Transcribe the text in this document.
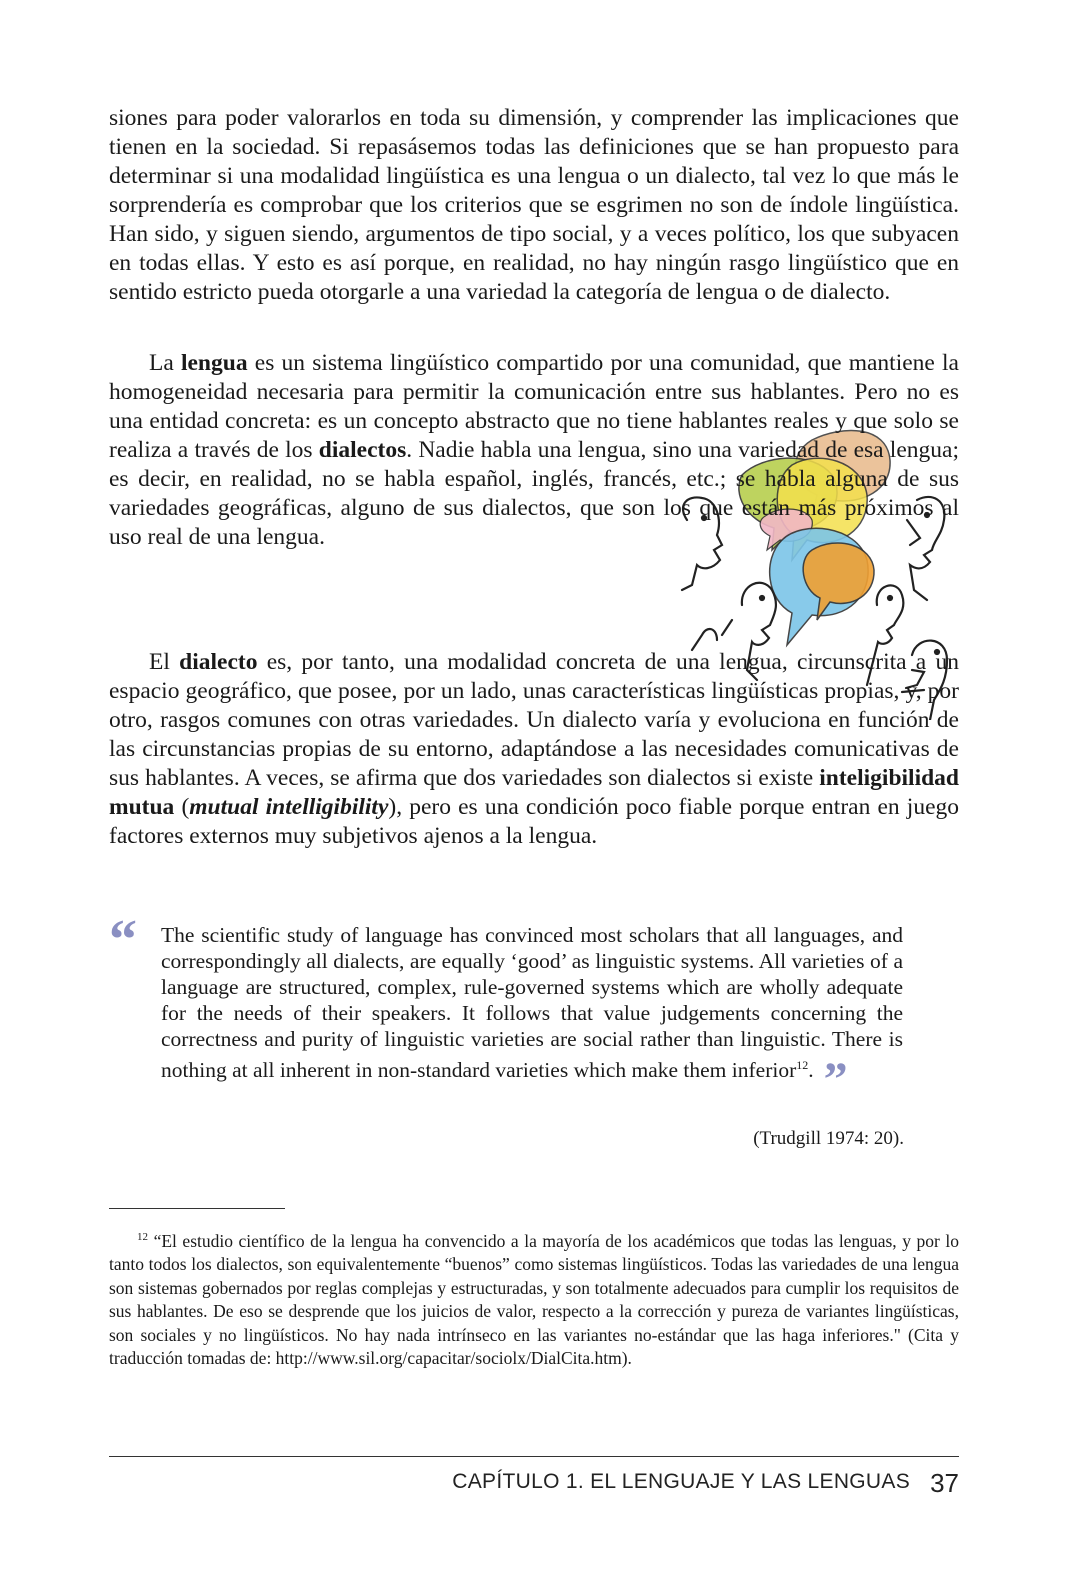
siones para poder valorarlos en toda su dimensión, y comprender las implicaciones que tienen en la sociedad. Si repasásemos todas las definiciones que se han propuesto para determinar si una modalidad lingüística es una lengua o un dialecto, tal vez lo que más le sorprendería es comprobar que los criterios que se esgrimen no son de índole lingüística. Han sido, y siguen siendo, argumentos de tipo social, y a veces político, los que subyacen en todas ellas. Y esto es así porque, en realidad, no hay ningún rasgo lingüístico que en sentido estricto pueda otorgarle a una variedad la categoría de lengua o de dialecto.

La lengua es un sistema lingüístico compartido por una comunidad, que mantiene la homogeneidad necesaria para permitir la comunicación entre sus hablantes. Pero no es una entidad concreta: es un concepto abstracto que no tiene hablantes reales y que solo se realiza a través de los dialectos. Nadie habla una lengua, sino una variedad de esa lengua; es decir, en realidad, no se habla español, inglés, francés, etc.; se habla alguna de sus variedades geográficas, alguno de sus dialectos, que son los que están más próximos al uso real de una lengua.

El dialecto es, por tanto, una modalidad concreta de una lengua, circunscrita a un espacio geográfico, que posee, por un lado, unas características lingüísticas propias, y, por otro, rasgos comunes con otras variedades. Un dialecto varía y evoluciona en función de las circunstancias propias de su entorno, adaptándose a las necesidades comunicativas de sus hablantes. A veces, se afirma que dos variedades son dialectos si existe inteligibilidad mutua (mutual intelligibility), pero es una condición poco fiable porque entran en juego factores externos muy subjetivos ajenos a la lengua.

“ The scientific study of language has convinced most scholars that all languages, and correspondingly all dialects, are equally ‘good’ as linguistic systems. All varieties of a language are structured, complex, rule-governed systems which are wholly adequate for the needs of their speakers. It follows that value judgements concerning the correctness and purity of linguistic varieties are social rather than linguistic. There is nothing at all inherent in non-standard varieties which make them inferior$^{12}$. ”
(Trudgill 1974: 20).
$^{12}$ “El estudio científico de la lengua ha convencido a la mayoría de los académicos que todas las lenguas, y por lo tanto todos los dialectos, son equivalentemente “buenos” como sistemas lingüísticos. Todas las variedades de una lengua son sistemas gobernados por reglas complejas y estructuradas, y son totalmente adecuados para cumplir los requisitos de sus hablantes. De eso se desprende que los juicios de valor, respecto a la corrección y pureza de variantes lingüísticas, son sociales y no lingüísticos. No hay nada intrínseco en las variantes no-estándar que las haga inferiores." (Cita y traducción tomadas de: http://www.sil.org/capacitar/sociolx/DialCita.htm).
CAPÍTULO 1. EL LENGUAJE Y LAS LENGUAS 37
